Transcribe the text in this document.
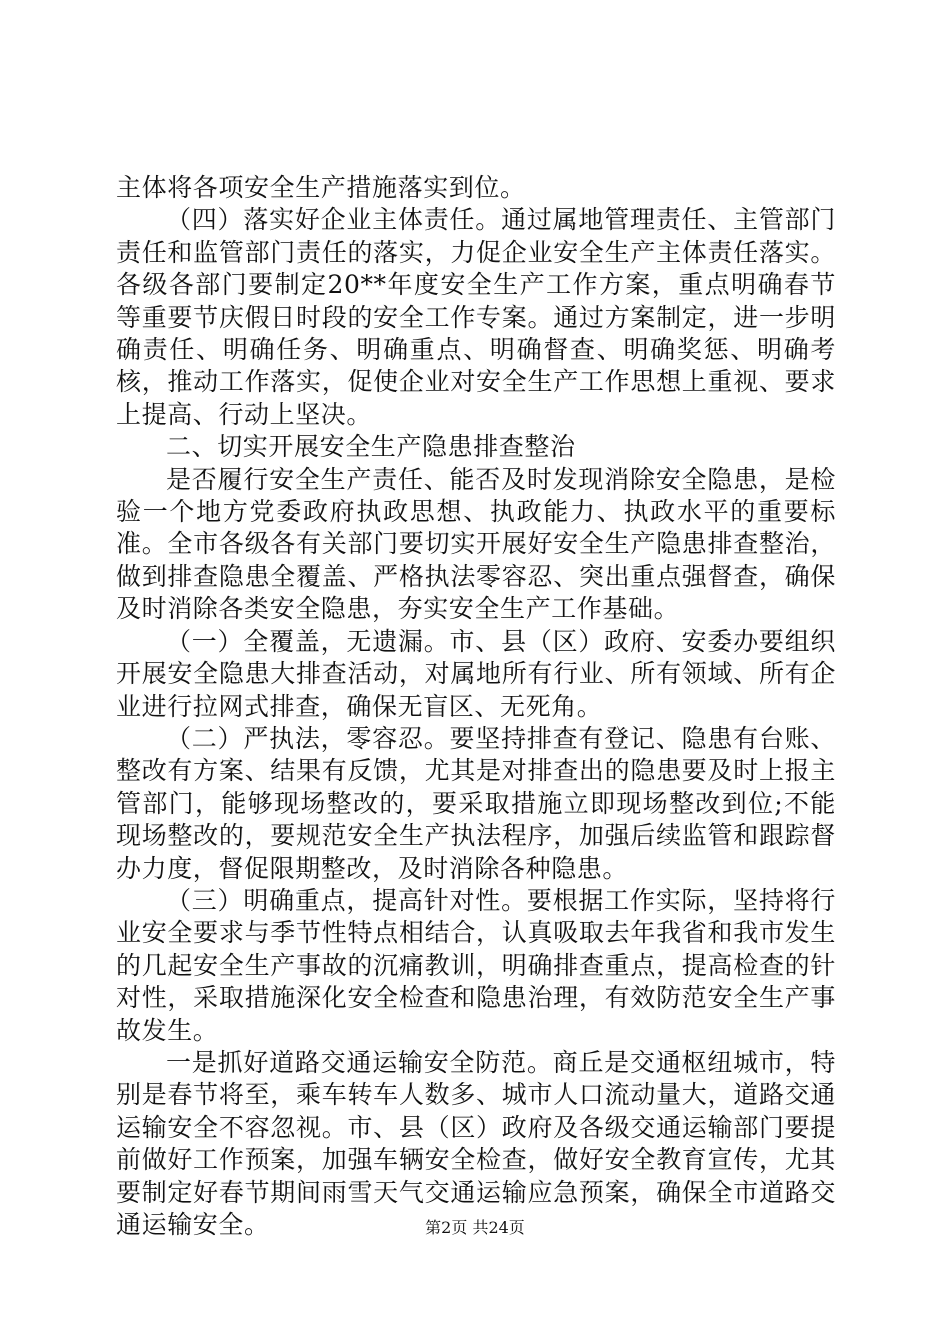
主体将各项安全生产措施落实到位。

（四）落实好企业主体责任。通过属地管理责任、主管部门责任和监管部门责任的落实，力促企业安全生产主体责任落实。各级各部门要制定20**年度安全生产工作方案，重点明确春节等重要节庆假日时段的安全工作专案。通过方案制定，进一步明确责任、明确任务、明确重点、明确督查、明确奖惩、明确考核，推动工作落实，促使企业对安全生产工作思想上重视、要求上提高、行动上坚决。

二、切实开展安全生产隐患排查整治

是否履行安全生产责任、能否及时发现消除安全隐患，是检验一个地方党委政府执政思想、执政能力、执政水平的重要标准。全市各级各有关部门要切实开展好安全生产隐患排查整治，做到排查隐患全覆盖、严格执法零容忍、突出重点强督查，确保及时消除各类安全隐患，夯实安全生产工作基础。

（一）全覆盖，无遗漏。市、县（区）政府、安委办要组织开展安全隐患大排查活动，对属地所有行业、所有领域、所有企业进行拉网式排查，确保无盲区、无死角。

（二）严执法，零容忍。要坚持排查有登记、隐患有台账、整改有方案、结果有反馈，尤其是对排查出的隐患要及时上报主管部门，能够现场整改的，要采取措施立即现场整改到位;不能现场整改的，要规范安全生产执法程序，加强后续监管和跟踪督办力度，督促限期整改，及时消除各种隐患。

（三）明确重点，提高针对性。要根据工作实际，坚持将行业安全要求与季节性特点相结合，认真吸取去年我省和我市发生的几起安全生产事故的沉痛教训，明确排查重点，提高检查的针对性，采取措施深化安全检查和隐患治理，有效防范安全生产事故发生。

一是抓好道路交通运输安全防范。商丘是交通枢纽城市，特别是春节将至，乘车转车人数多、城市人口流动量大，道路交通运输安全不容忽视。市、县（区）政府及各级交通运输部门要提前做好工作预案，加强车辆安全检查，做好安全教育宣传，尤其要制定好春节期间雨雪天气交通运输应急预案，确保全市道路交通运输安全。	第2页 共24页
